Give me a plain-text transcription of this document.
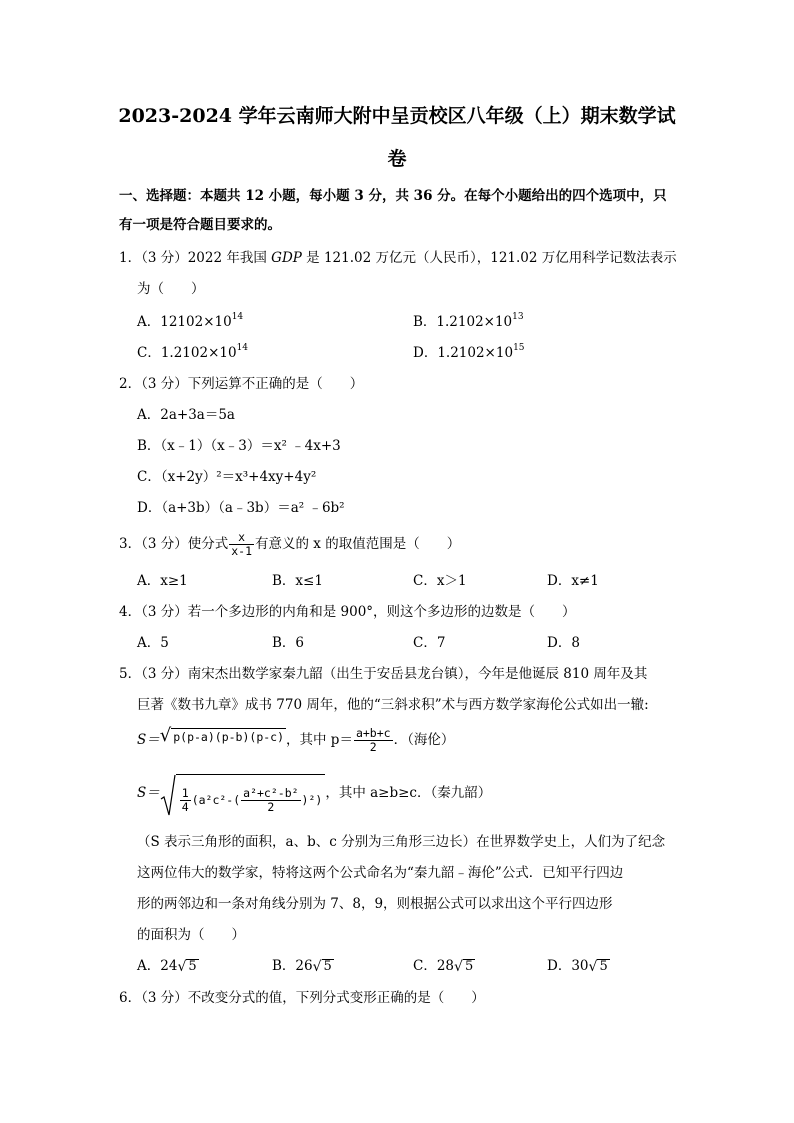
2023-2024 学年云南师大附中呈贡校区八年级（上）期末数学试
卷
一、选择题：本题共 12 小题，每小题 3 分，共 36 分。在每个小题给出的四个选项中，只
有一项是符合题目要求的。
1．（3 分）2022 年我国 GDP 是 121.02 万亿元（人民币），121.02 万亿用科学记数法表示
为（　　）
A．$12102\times 10^{14}$	B．$1.2102\times 10^{13}$
C．$1.2102\times 10^{14}$	D．$1.2102\times 10^{15}$
2．（3 分）下列运算不正确的是（　　）
A．2a+3a＝5a
B．（x﹣1）（x﹣3）＝x² ﹣4x+3
C．（x+2y）²＝x³+4xy+4y²
D．（a+3b）（a﹣3b）＝a² ﹣6b²
3．（3 分）使分式 $\frac{x}{x-1}$ 有意义的 x 的取值范围是（　　）
A．x≥1	B．x≤1	C．x＞1	D．x≠1
4．（3 分）若一个多边形的内角和是 900°，则这个多边形的边数是（　　）
A．5	B．6	C．7	D．8
5．（3 分）南宋杰出数学家秦九韶（出生于安岳县龙台镇），今年是他诞辰 810 周年及其
巨著《数书九章》成书 770 周年，他的“三斜求积”术与西方数学家海伦公式如出一辙:
S＝√ p(p-a)(p-b)(p-c) ，其中 $p= \frac{a+b+c}{2}$ ．（海伦）
$S= \frac{1}{4} (a^2c^2-( \frac{\text{a²+c²-b²}}{2} )^2)$ ，其中 a≥b≥c．（秦九韶）
（S 表示三角形的面积，a、b、c 分别为三角形三边长）在世界数学史上，人们为了纪念
这两位伟大的数学家，特将这两个公式命名为“秦九韶﹣海伦”公式．已知平行四边
形的两邻边和一条对角线分别为 7、8，9，则根据公式可以求出这个平行四边形
的面积为（　　）
A．24√ 5	B．26√ 5	C．28√ 5	D．30√ 5
6．（3 分）不改变分式的值，下列分式变形正确的是（　　）
